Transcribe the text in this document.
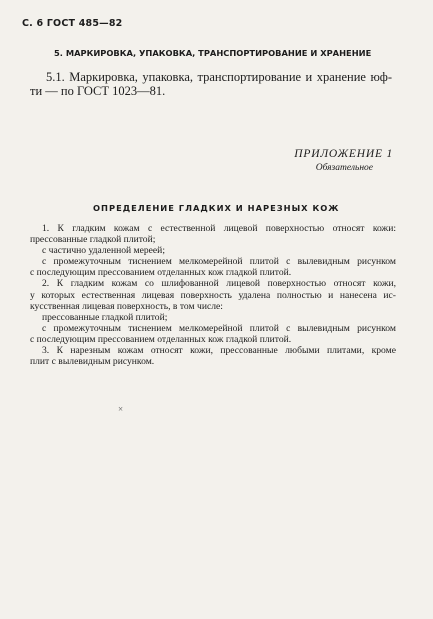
С. 6 ГОСТ 485—82
5. МАРКИРОВКА, УПАКОВКА, ТРАНСПОРТИРОВАНИЕ И ХРАНЕНИЕ
5.1. Маркировка, упаковка, транспортирование и хранение юф-
ти — по ГОСТ 1023—81.
ПРИЛОЖЕНИЕ 1
Обязательное
ОПРЕДЕЛЕНИЕ ГЛАДКИХ И НАРЕЗНЫХ КОЖ
1. К гладким кожам с естественной лицевой поверхностью относят кожи:
прессованные гладкой плитой;
с частично удаленной мереей;
с промежуточным тиснением мелкомерейной плитой с вылевидным рисунком
с последующим прессованием отделанных кож гладкой плитой.
2. К гладким кожам со шлифованной лицевой поверхностью относят кожи,
у которых естественная лицевая поверхность удалена полностью и нанесена ис-
кусственная лицевая поверхность, в том числе:
прессованные гладкой плитой;
с промежуточным тиснением мелкомерейной плитой с вылевидным рисунком
с последующим прессованием отделанных кож гладкой плитой.
3. К нарезным кожам относят кожи, прессованные любыми плитами, кроме
плит с вылевидным рисунком.
×
